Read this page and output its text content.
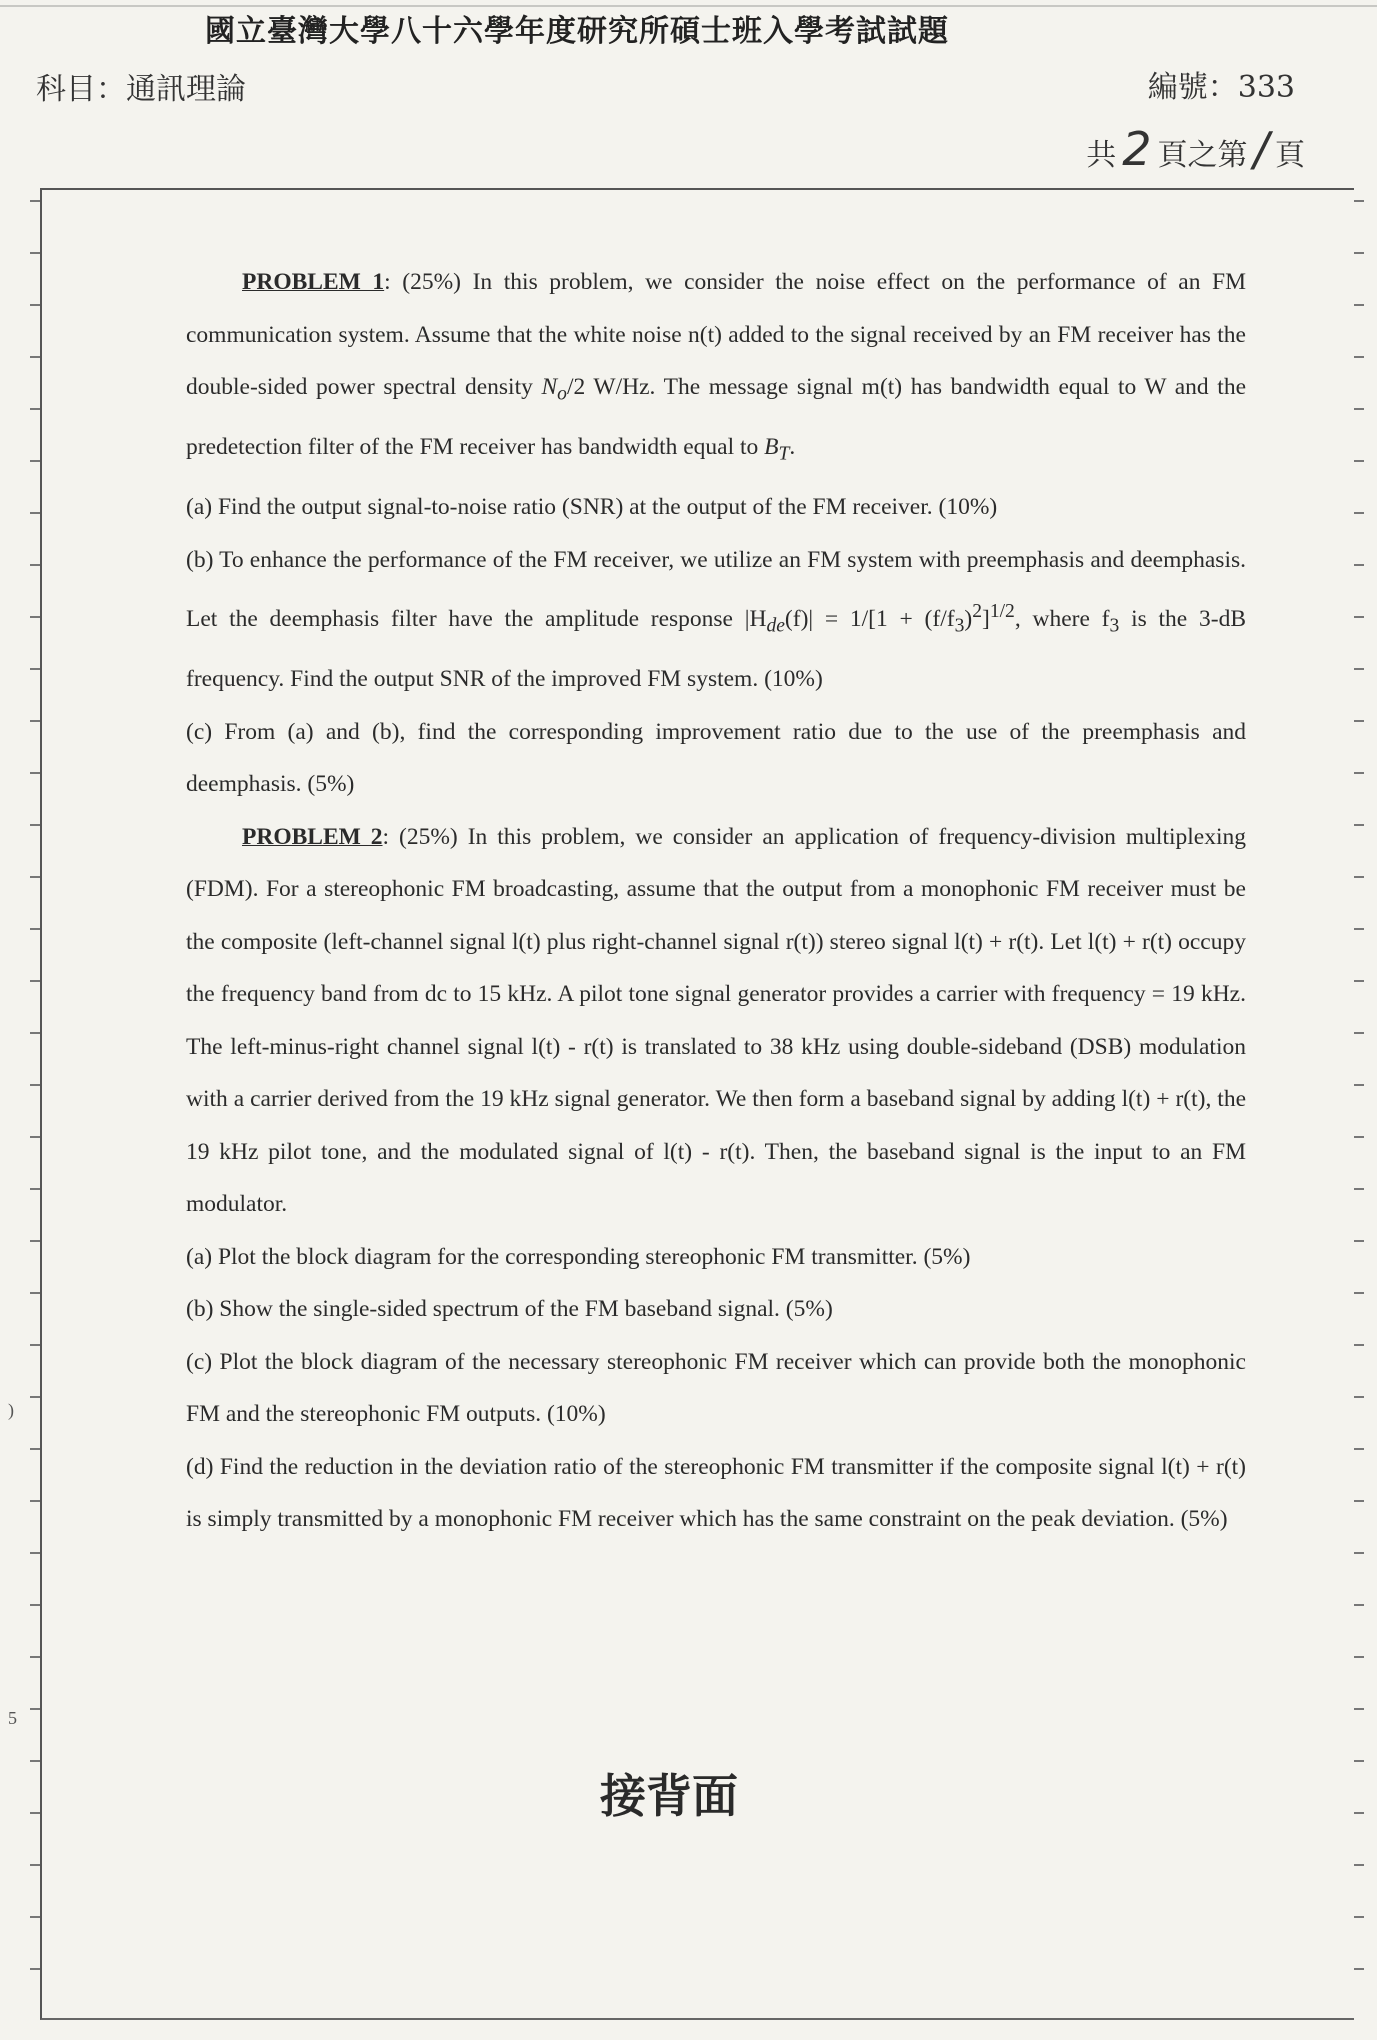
國立臺灣大學八十六學年度研究所碩士班入學考試試題
科目：通訊理論	編號：333
共 2 頁之第 / 頁
)
5

PROBLEM 1: (25%) In this problem, we consider the noise effect on the performance of an FM communication system. Assume that the white noise n(t) added to the signal received by an FM receiver has the double-sided power spectral density $N_o/2$ W/Hz. The message signal m(t) has bandwidth equal to W and the predetection filter of the FM receiver has bandwidth equal to $B_T$.

(a) Find the output signal-to-noise ratio (SNR) at the output of the FM receiver. (10%)

(b) To enhance the performance of the FM receiver, we utilize an FM system with preemphasis and deemphasis. Let the deemphasis filter have the amplitude response $|H_{de}(f)| = 1/[1 + (f/f_3)^2]^{1/2}$, where $f_3$ is the 3-dB frequency. Find the output SNR of the improved FM system. (10%)

(c) From (a) and (b), find the corresponding improvement ratio due to the use of the preemphasis and deemphasis. (5%)

PROBLEM 2: (25%) In this problem, we consider an application of frequency-division multiplexing (FDM). For a stereophonic FM broadcasting, assume that the output from a monophonic FM receiver must be the composite (left-channel signal l(t) plus right-channel signal r(t)) stereo signal l(t) + r(t). Let l(t) + r(t) occupy the frequency band from dc to 15 kHz. A pilot tone signal generator provides a carrier with frequency = 19 kHz. The left-minus-right channel signal l(t) - r(t) is translated to 38 kHz using double-sideband (DSB) modulation with a carrier derived from the 19 kHz signal generator. We then form a baseband signal by adding l(t) + r(t), the 19 kHz pilot tone, and the modulated signal of l(t) - r(t). Then, the baseband signal is the input to an FM modulator.

(a) Plot the block diagram for the corresponding stereophonic FM transmitter. (5%)

(b) Show the single-sided spectrum of the FM baseband signal. (5%)

(c) Plot the block diagram of the necessary stereophonic FM receiver which can provide both the monophonic FM and the stereophonic FM outputs. (10%)

(d) Find the reduction in the deviation ratio of the stereophonic FM transmitter if the composite signal l(t) + r(t) is simply transmitted by a monophonic FM receiver which has the same constraint on the peak deviation. (5%)

接背面
